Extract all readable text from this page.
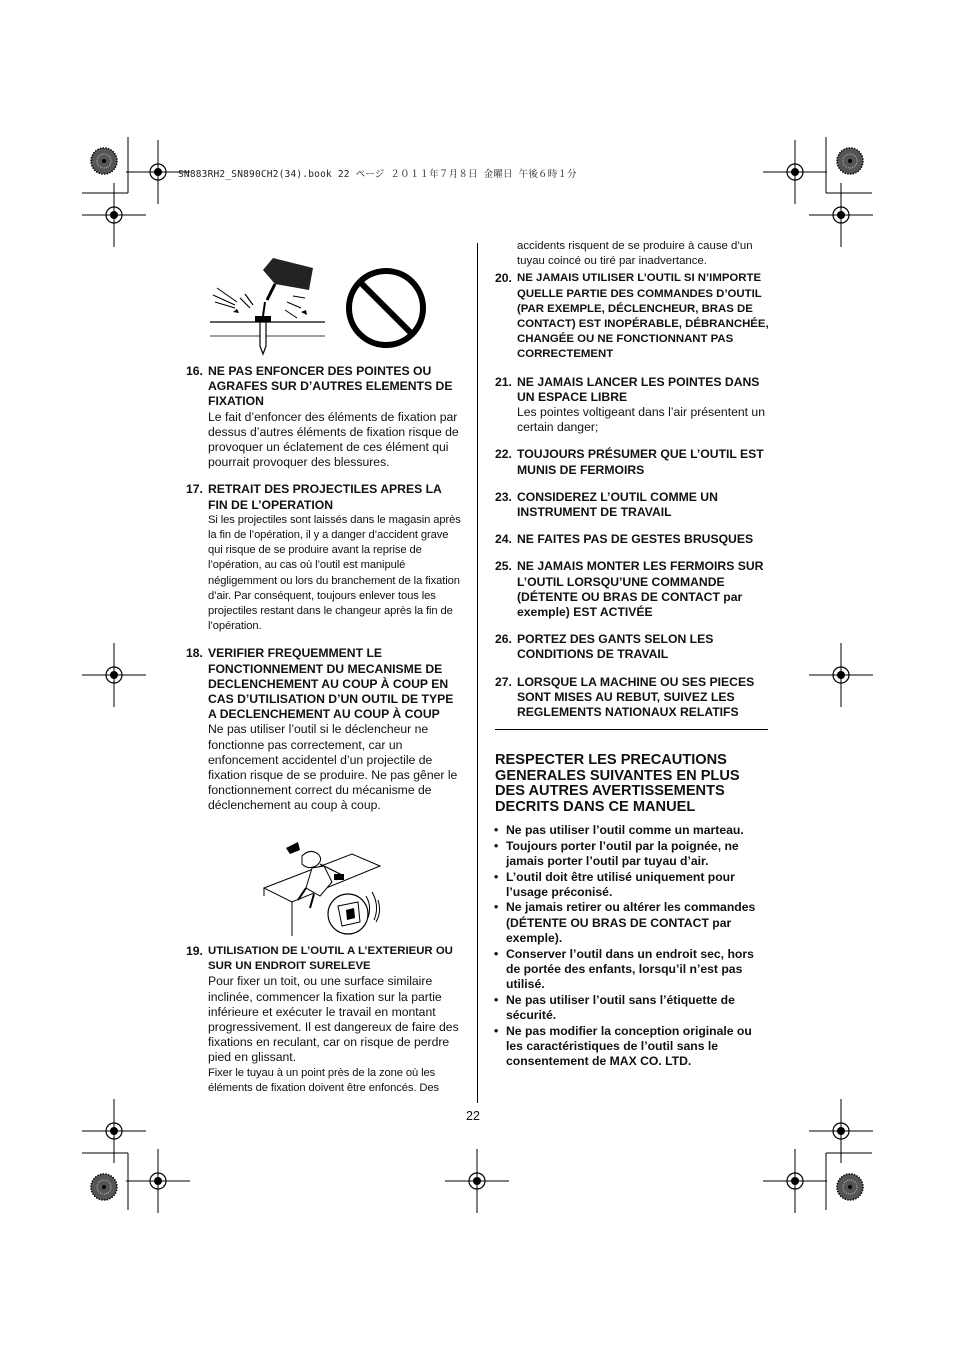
SN883RH2_SN890CH2(34).book 22 ページ ２０１１年７月８日 金曜日 午後６時１分
16. NE PAS ENFONCER DES POINTES OU AGRAFES SUR D’AUTRES ELEMENTS DE FIXATION
Le fait d’enfoncer des éléments de fixation par dessus d’autres éléments de fixation risque de provoquer un éclatement de ces élément qui pourrait provoquer des blessures.
17. RETRAIT DES PROJECTILES APRES LA FIN DE L’OPERATION
Si les projectiles sont laissés dans le magasin après la fin de l’opération, il y a danger d’accident grave qui risque de se produire avant la reprise de l’opération, au cas où l’outil est manipulé négligemment ou lors du branchement de la fixation d’air. Par conséquent, toujours enlever tous les projectiles restant dans le changeur après la fin de l’opération.
18. VERIFIER FREQUEMMENT LE FONCTIONNEMENT DU MECANISME DE DECLENCHEMENT AU COUP À COUP EN CAS D’UTILISATION D’UN OUTIL DE TYPE A DECLENCHEMENT AU COUP À COUP
Ne pas utiliser l’outil si le déclencheur ne fonctionne pas correctement, car un enfoncement accidentel d’un projectile de fixation risque de se produire. Ne pas gêner le fonctionnement correct du mécanisme de déclenchement au coup à coup.
19. UTILISATION DE L’OUTIL A L’EXTERIEUR OU SUR UN ENDROIT SURELEVE
Pour fixer un toit, ou une surface similaire inclinée, commencer la fixation sur la partie inférieure et exécuter le travail en montant progressivement. Il est dangereux de faire des fixations en reculant, car on risque de perdre pied en glissant.
Fixer le tuyau à un point près de la zone où les éléments de fixation doivent être enfoncés. Des
accidents risquent de se produire à cause d’un tuyau coincé ou tiré par inadvertance.
20. NE JAMAIS UTILISER L’OUTIL SI N’IMPORTE QUELLE PARTIE DES COMMANDES D’OUTIL (PAR EXEMPLE, DÉCLENCHEUR, BRAS DE CONTACT) EST INOPÉRABLE, DÉBRANCHÉE, CHANGÉE OU NE FONCTIONNANT PAS CORRECTEMENT
21. NE JAMAIS LANCER LES POINTES DANS UN ESPACE LIBRE
Les pointes voltigeant dans l’air présentent un certain danger;
22. TOUJOURS PRÉSUMER QUE L’OUTIL EST MUNIS DE FERMOIRS
23. CONSIDEREZ L’OUTIL COMME UN INSTRUMENT DE TRAVAIL
24. NE FAITES PAS DE GESTES BRUSQUES
25. NE JAMAIS MONTER LES FERMOIRS SUR L’OUTIL LORSQU’UNE COMMANDE (DÉTENTE OU BRAS DE CONTACT par exemple) EST ACTIVÉE
26. PORTEZ DES GANTS SELON LES CONDITIONS DE TRAVAIL
27. LORSQUE LA MACHINE OU SES PIECES SONT MISES AU REBUT, SUIVEZ LES REGLEMENTS NATIONAUX RELATIFS
RESPECTER LES PRECAUTIONS GENERALES SUIVANTES EN PLUS DES AUTRES AVERTISSEMENTS DECRITS DANS CE MANUEL
• Ne pas utiliser l’outil comme un marteau.
• Toujours porter l’outil par la poignée, ne jamais porter l’outil par tuyau d’air.
• L’outil doit être utilisé uniquement pour l’usage préconisé.
• Ne jamais retirer ou altérer les commandes (DÉTENTE OU BRAS DE CONTACT par exemple).
• Conserver l’outil dans un endroit sec, hors de portée des enfants, lorsqu’il n’est pas utilisé.
• Ne pas utiliser l’outil sans l’étiquette de sécurité.
• Ne pas modifier la conception originale ou les caractéristiques de l’outil sans le consentement de MAX CO. LTD.
22
